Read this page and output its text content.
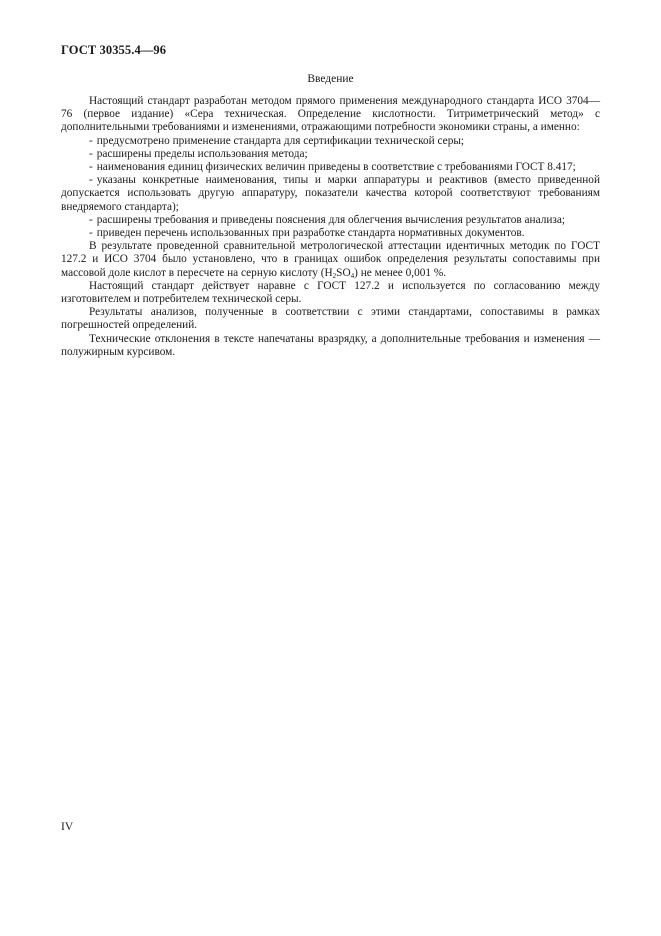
ГОСТ 30355.4—96
Введение

Настоящий стандарт разработан методом прямого применения международного стандарта ИСО 3704—76 (первое издание) «Сера техническая. Определение кислотности. Титриметрический метод» с дополнительными требованиями и изменениями, отражающими потребности экономики страны, а именно:

- предусмотрено применение стандарта для сертификации технической серы;
- расширены пределы использования метода;
- наименования единиц физических величин приведены в соответствие с требованиями ГОСТ 8.417;
- указаны конкретные наименования, типы и марки аппаратуры и реактивов (вместо приведенной допускается использовать другую аппаратуру, показатели качества которой соответствуют требованиям внедряемого стандарта);
- расширены требования и приведены пояснения для облегчения вычисления результатов анализа;
- приведен перечень использованных при разработке стандарта нормативных документов.

В результате проведенной сравнительной метрологической аттестации идентичных методик по ГОСТ 127.2 и ИСО 3704 было установлено, что в границах ошибок определения результаты сопоставимы при массовой доле кислот в пересчете на серную кислоту $(H_2SO_4)$ не менее 0,001 %.

Настоящий стандарт действует наравне с ГОСТ 127.2 и используется по согласованию между изготовителем и потребителем технической серы.

Результаты анализов, полученные в соответствии с этими стандартами, сопоставимы в рамках погрешностей определений.

Технические отклонения в тексте напечатаны вразрядку, а дополнительные требования и изменения — полужирным курсивом.

IV
